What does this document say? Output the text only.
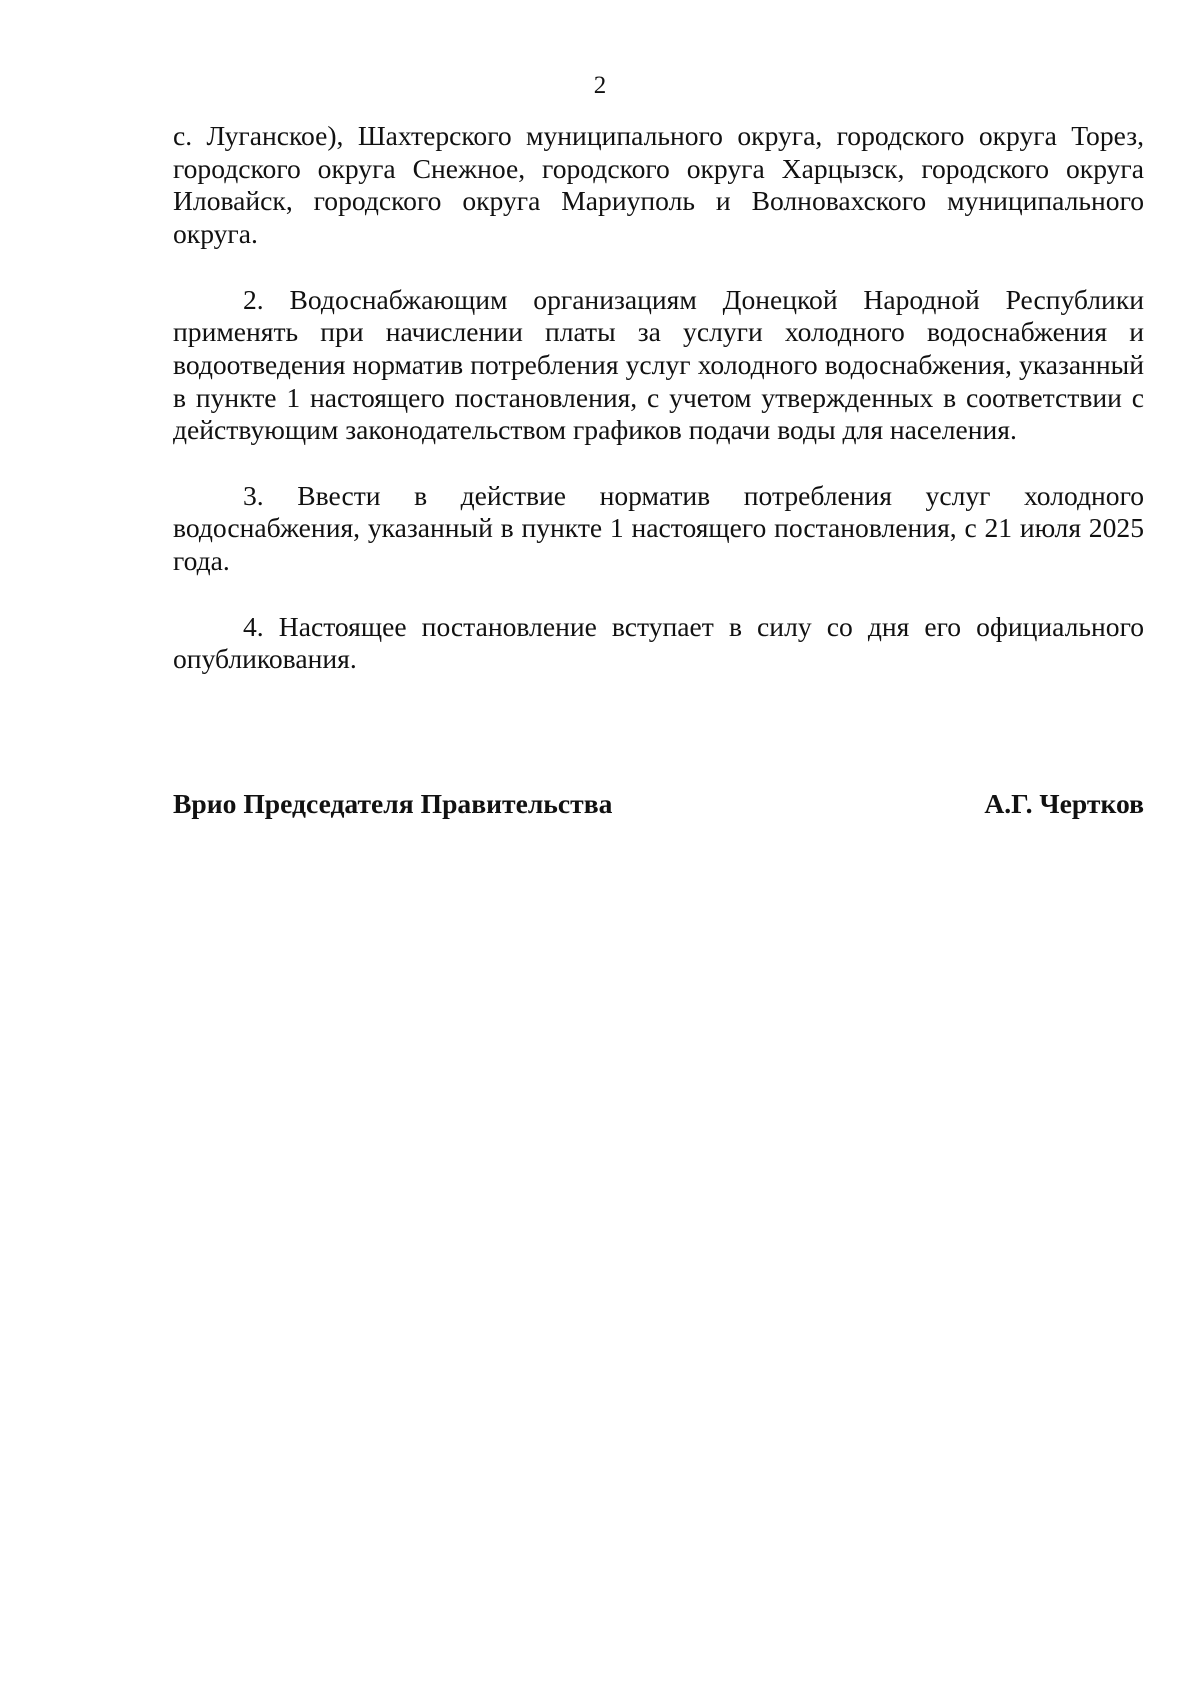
2

с. Луганское), Шахтерского муниципального округа, городского округа Торез, городского округа Снежное, городского округа Харцызск, городского округа Иловайск, городского округа Мариуполь и Волновахского муниципального округа.

2. Водоснабжающим организациям Донецкой Народной Республики применять при начислении платы за услуги холодного водоснабжения и водоотведения норматив потребления услуг холодного водоснабжения, указанный в пункте 1 настоящего постановления, с учетом утвержденных в соответствии с действующим законодательством графиков подачи воды для населения.

3. Ввести в действие норматив потребления услуг холодного водоснабжения, указанный в пункте 1 настоящего постановления, с 21 июля 2025 года.

4. Настоящее постановление вступает в силу со дня его официального опубликования.

Врио Председателя Правительства	А.Г. Чертков
